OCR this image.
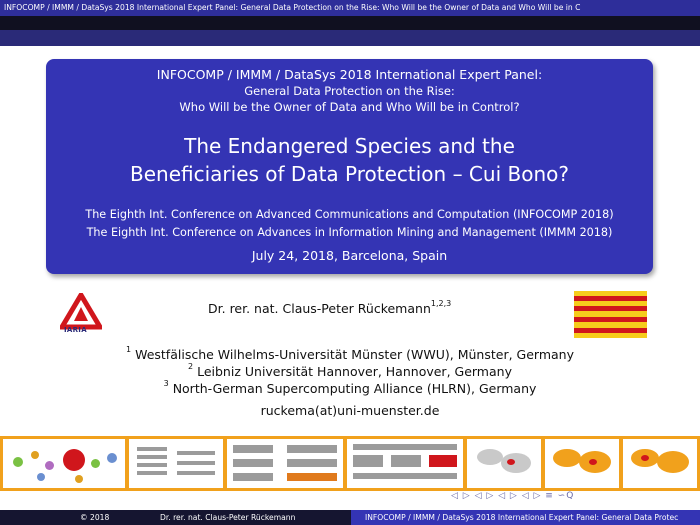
INFOCOMP / IMMM / DataSys 2018 International Expert Panel: General Data Protection on the Rise: Who Will be the Owner of Data and Who Will be in C
INFOCOMP / IMMM / DataSys 2018 International Expert Panel:
General Data Protection on the Rise:
Who Will be the Owner of Data and Who Will be in Control?
The Endangered Species and the
Beneficiaries of Data Protection – Cui Bono?
The Eighth Int. Conference on Advanced Communications and Computation (INFOCOMP 2018)
The Eighth Int. Conference on Advances in Information Mining and Management (IMMM 2018)
July 24, 2018, Barcelona, Spain
IARIA
Dr. rer. nat. Claus-Peter Rückemann$^{1,2,3}$
$^1$ Westfälische Wilhelms-Universität Münster (WWU), Münster, Germany
$^2$ Leibniz Universität Hannover, Hannover, Germany
$^3$ North-German Supercomputing Alliance (HLRN), Germany
ruckema(at)uni-muenster.de
◁ ▷ ◁ ▷ ◁ ▷ ◁ ▷ ≡ ∽Q
© 2018	Dr. rer. nat. Claus-Peter Rückemann	INFOCOMP / IMMM / DataSys 2018 International Expert Panel: General Data Protec
